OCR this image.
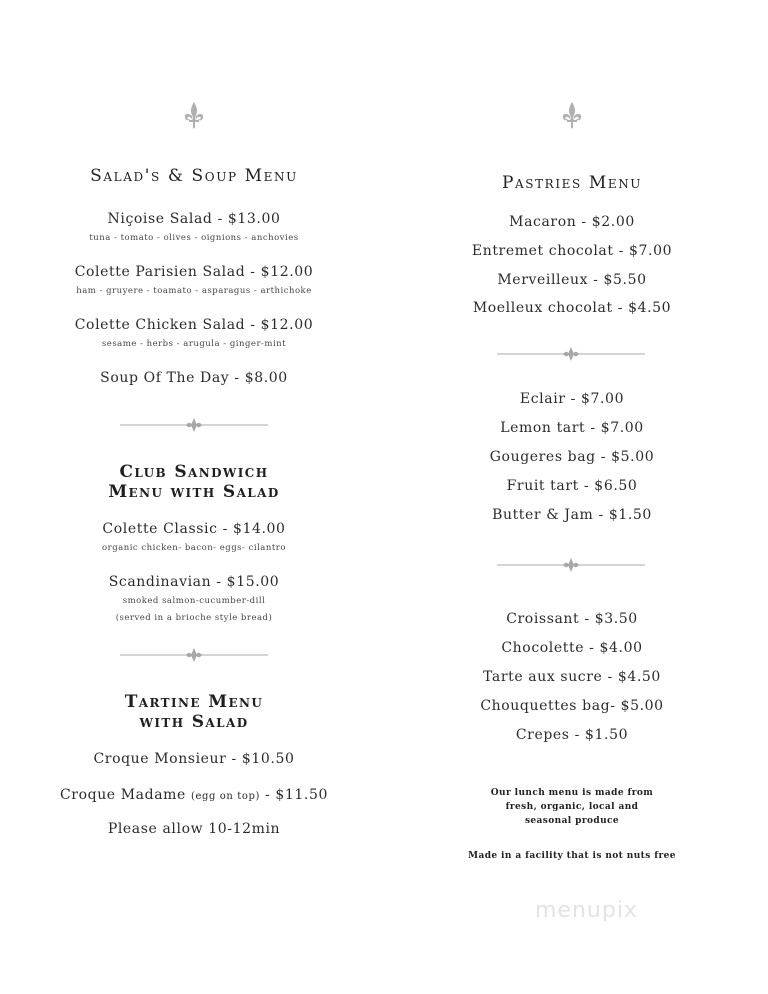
Salad's & Soup Menu
Niçoise Salad - $13.00
tuna - tomato - olives - oignions - anchovies
Colette Parisien Salad - $12.00
ham - gruyere - toamato - asparagus - arthichoke
Colette Chicken Salad - $12.00
sesame - herbs - arugula - ginger-mint
Soup Of The Day - $8.00
Club Sandwich
Menu with Salad
Colette Classic - $14.00
organic chicken- bacon- eggs- cilantro
Scandinavian - $15.00
smoked salmon-cucumber-dill
(served in a brioche style bread)
Tartine Menu
with Salad
Croque Monsieur - $10.50
Croque Madame (egg on top) - $11.50
Please allow 10-12min
Pastries Menu
Macaron - $2.00
Entremet chocolat - $7.00
Merveilleux - $5.50
Moelleux chocolat - $4.50
Eclair - $7.00
Lemon tart - $7.00
Gougeres bag - $5.00
Fruit tart - $6.50
Butter & Jam - $1.50
Croissant - $3.50
Chocolette - $4.00
Tarte aux sucre - $4.50
Chouquettes bag- $5.00
Crepes - $1.50
Our lunch menu is made from
fresh, organic, local and
seasonal produce
Made in a facility that is not nuts free
menupix
